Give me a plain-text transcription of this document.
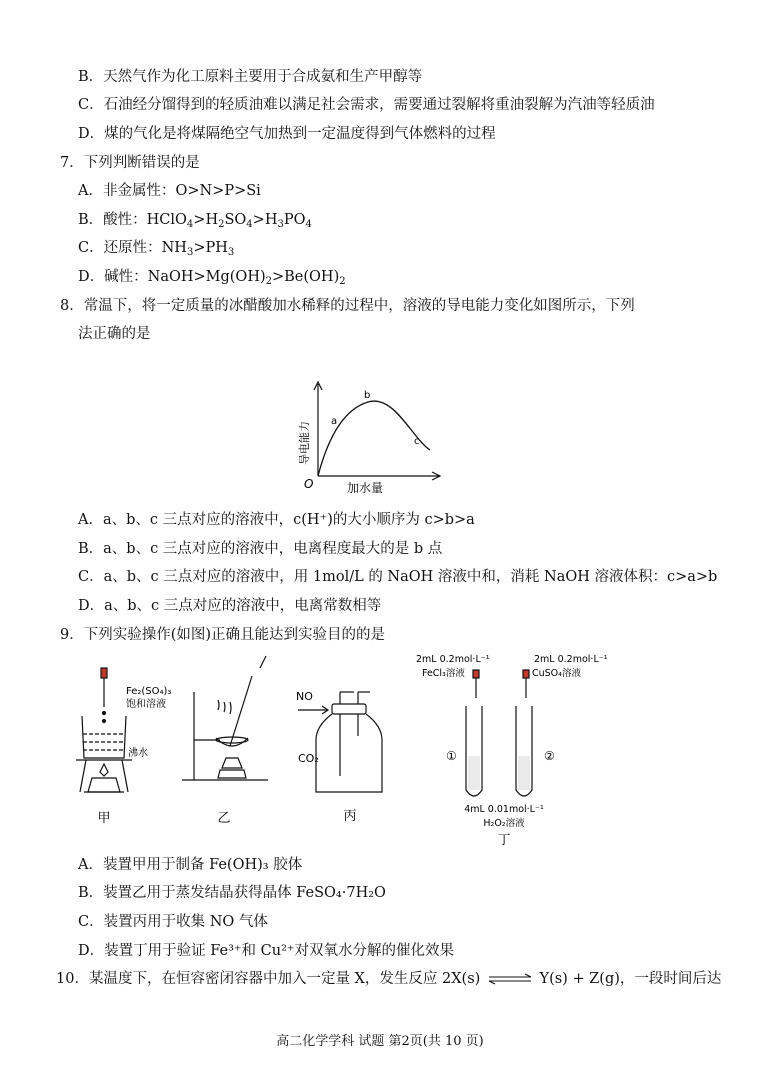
B．天然气作为化工原料主要用于合成氨和生产甲醇等
C．石油经分馏得到的轻质油难以满足社会需求，需要通过裂解将重油裂解为汽油等轻质油
D．煤的气化是将煤隔绝空气加热到一定温度得到气体燃料的过程
7．下列判断错误的是
A．非金属性：O>N>P>Si
B．酸性：$HClO_4>H_2SO_4>H_3PO_4$
C．还原性：$NH_3>PH_3$
D．碱性：$NaOH>Mg(OH)_2>Be(OH)_2$
8．常温下，将一定质量的冰醋酸加水稀释的过程中，溶液的导电能力变化如图所示，下列
法正确的是
导电能力
加水量
O
a
b
c
A．a、b、c 三点对应的溶液中，c(H⁺)的大小顺序为 c>b>a
B．a、b、c 三点对应的溶液中，电离程度最大的是 b 点
C．a、b、c 三点对应的溶液中，用 1mol/L 的 NaOH 溶液中和，消耗 NaOH 溶液体积：c>a>b
D．a、b、c 三点对应的溶液中，电离常数相等
9．下列实验操作(如图)正确且能达到实验目的的是
Fe₂(SO₄)₃
饱和溶液
沸水
甲	乙
NO
CO₂
丙
2mL 0.2mol·L⁻¹
FeCl₃溶液
2mL 0.2mol·L⁻¹
CuSO₄溶液
①	②
4mL 0.01mol·L⁻¹
H₂O₂溶液
丁
A．装置甲用于制备 Fe(OH)₃ 胶体
B．装置乙用于蒸发结晶获得晶体 FeSO₄·7H₂O
C．装置丙用于收集 NO 气体
D．装置丁用于验证 Fe³⁺和 Cu²⁺对双氧水分解的催化效果
10．某温度下，在恒容密闭容器中加入一定量 X，发生反应 2X(s) ⇌ Y(s) + Z(g)，一段时间后达
高二化学学科 试题 第2页(共 10 页)
